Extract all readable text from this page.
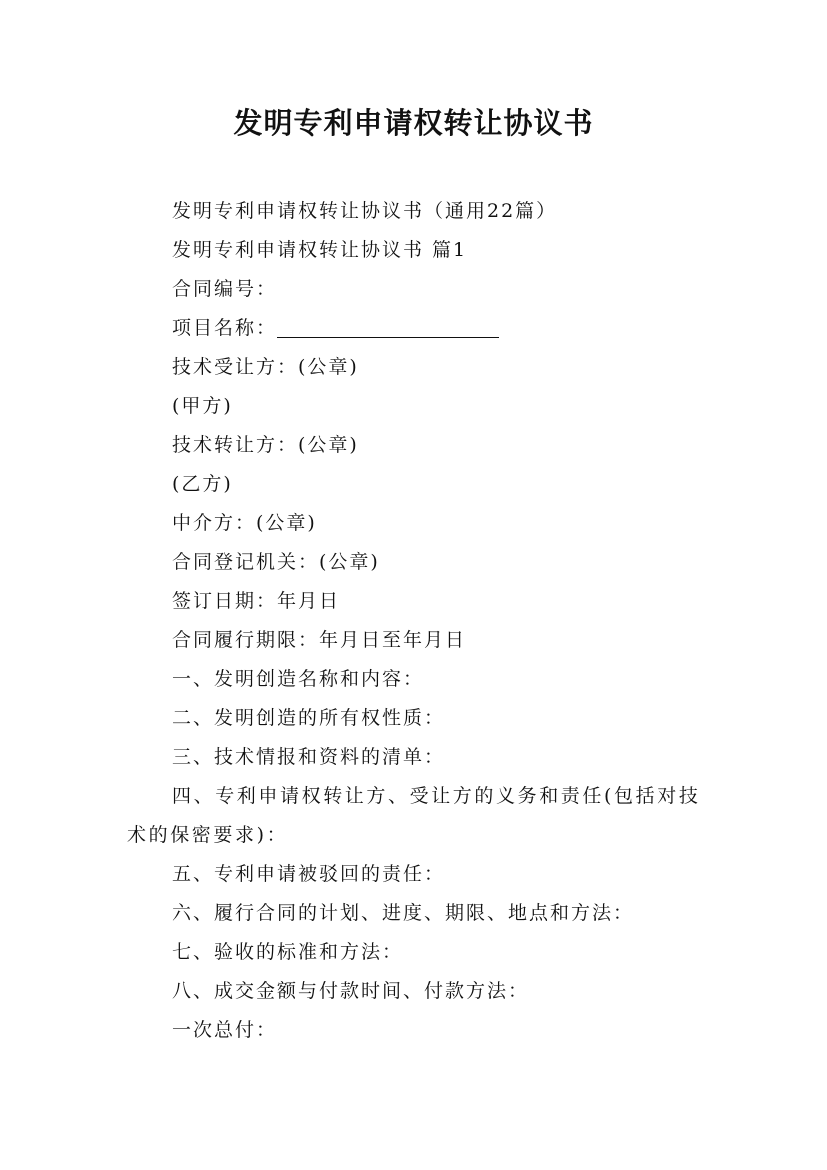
发明专利申请权转让协议书

发明专利申请权转让协议书（通用22篇）

发明专利申请权转让协议书 篇1

合同编号：

项目名称：

技术受让方：(公章)

(甲方)

技术转让方：(公章)

(乙方)

中介方：(公章)

合同登记机关：(公章)

签订日期：年月日

合同履行期限：年月日至年月日

一、发明创造名称和内容：

二、发明创造的所有权性质：

三、技术情报和资料的清单：

四、专利申请权转让方、受让方的义务和责任(包括对技术的保密要求)：

五、专利申请被驳回的责任：

六、履行合同的计划、进度、期限、地点和方法：

七、验收的标准和方法：

八、成交金额与付款时间、付款方法：

一次总付：
